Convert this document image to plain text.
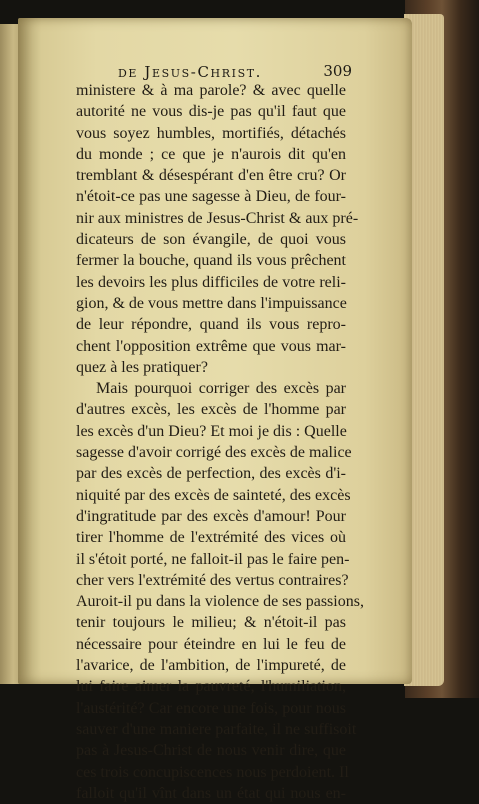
de Jesus-Christ.	309
ministere & à ma parole? & avec quelle
autorité ne vous dis-je pas qu'il faut que
vous soyez humbles, mortifiés, détachés
du monde ; ce que je n'aurois dit qu'en
tremblant & désespérant d'en être cru? Or
n'étoit-ce pas une sagesse à Dieu, de four-
nir aux ministres de Jesus-Christ & aux pré-
dicateurs de son évangile, de quoi vous
fermer la bouche, quand ils vous prêchent
les devoirs les plus difficiles de votre reli-
gion, & de vous mettre dans l'impuissance
de leur répondre, quand ils vous repro-
chent l'opposition extrême que vous mar-
quez à les pratiquer?
Mais pourquoi corriger des excès par
d'autres excès, les excès de l'homme par
les excès d'un Dieu? Et moi je dis : Quelle
sagesse d'avoir corrigé des excès de malice
par des excès de perfection, des excès d'i-
niquité par des excès de sainteté, des excès
d'ingratitude par des excès d'amour! Pour
tirer l'homme de l'extrémité des vices où
il s'étoit porté, ne falloit-il pas le faire pen-
cher vers l'extrémité des vertus contraires?
Auroit-il pu dans la violence de ses passions,
tenir toujours le milieu; & n'étoit-il pas
nécessaire pour éteindre en lui le feu de
l'avarice, de l'ambition, de l'impureté, de
lui faire aimer la pauvreté, l'humiliation,
l'austérité? Car encore une fois, pour nous
sauver d'une maniere parfaite, il ne suffisoit
pas à Jesus-Christ de nous venir dire, que
ces trois concupiscences nous perdoient. Il
falloit qu'il vînt dans un état qui nous en-
